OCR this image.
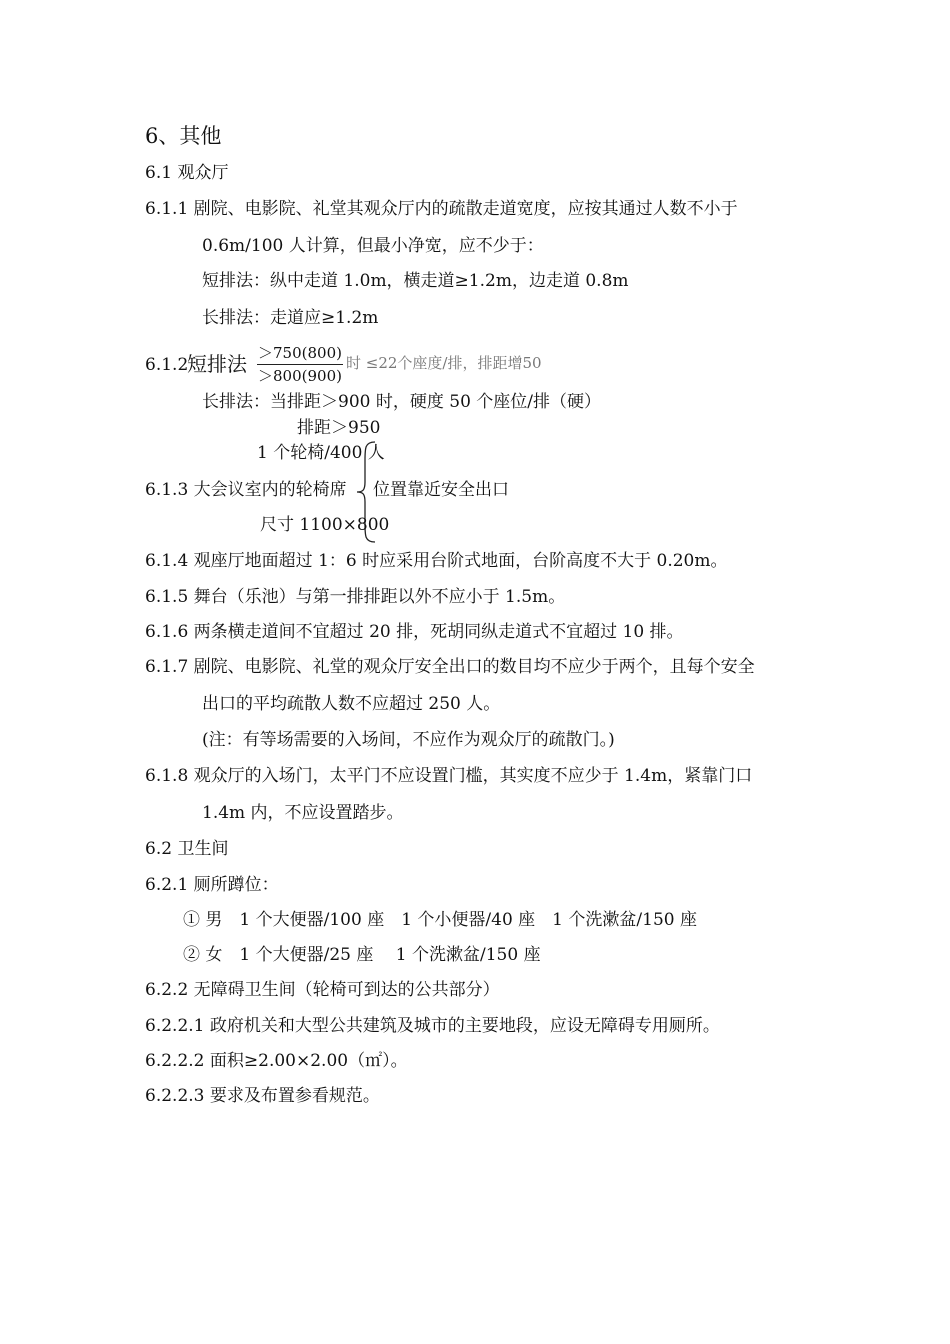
6、其他
6.1 观众厅
6.1.1 剧院、电影院、礼堂其观众厅内的疏散走道宽度，应按其通过人数不小于
0.6m/100 人计算，但最小净宽，应不少于：
短排法：纵中走道 1.0m，横走道≥1.2m，边走道 0.8m
长排法：走道应≥1.2m
6.1.2
短排法 ＞750(800)
＞800(900)
时 ≤22个座度/排，排距增50
长排法：当排距＞900 时，硬度 50 个座位/排（硬）
排距＞950
1 个轮椅/400 人
6.1.3 大会议室内的轮椅席 位置靠近安全出口
尺寸 1100×800
6.1.4 观座厅地面超过 1：6 时应采用台阶式地面，台阶高度不大于 0.20m。
6.1.5 舞台（乐池）与第一排排距以外不应小于 1.5m。
6.1.6 两条横走道间不宜超过 20 排，死胡同纵走道式不宜超过 10 排。
6.1.7 剧院、电影院、礼堂的观众厅安全出口的数目均不应少于两个，且每个安全
出口的平均疏散人数不应超过 250 人。
(注：有等场需要的入场间，不应作为观众厅的疏散门。)
6.1.8 观众厅的入场门，太平门不应设置门槛，其实度不应少于 1.4m，紧靠门口
1.4m 内，不应设置踏步。
6.2 卫生间
6.2.1 厕所蹲位：
① 男　1 个大便器/100 座　1 个小便器/40 座　1 个洗漱盆/150 座
② 女　1 个大便器/25 座　 1 个洗漱盆/150 座
6.2.2 无障碍卫生间（轮椅可到达的公共部分）
6.2.2.1 政府机关和大型公共建筑及城市的主要地段，应设无障碍专用厕所。
6.2.2.2 面积≥2.00×2.00（㎡）。
6.2.2.3 要求及布置参看规范。
